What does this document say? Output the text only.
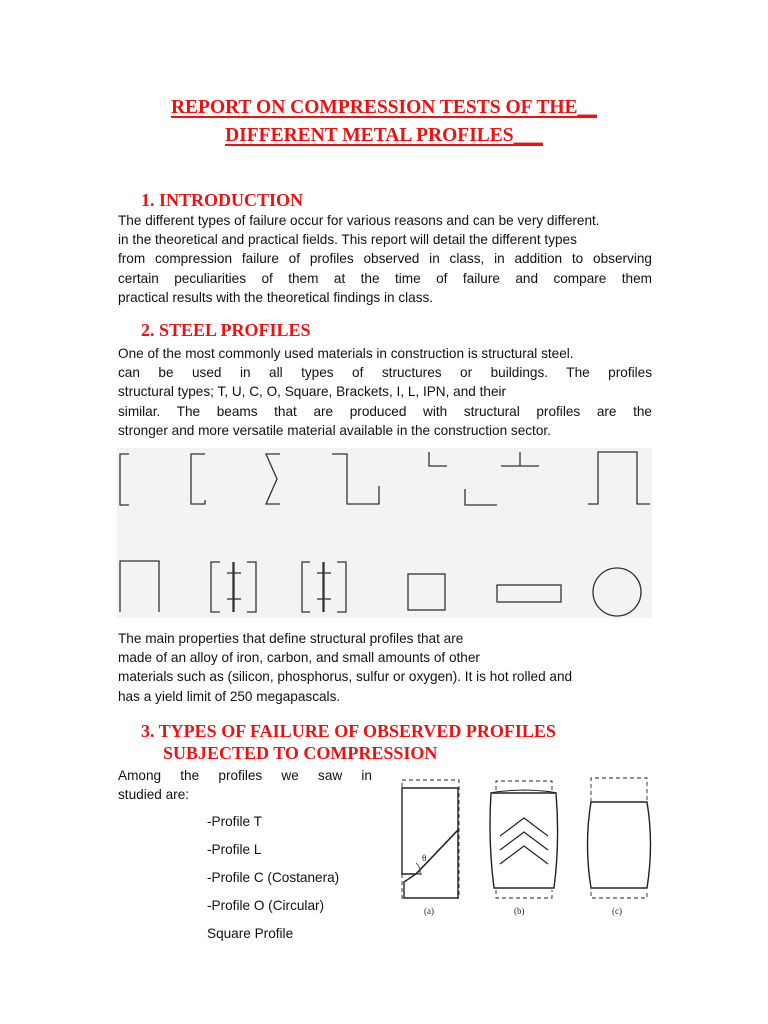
REPORT ON COMPRESSION TESTS OF THE__
DIFFERENT METAL PROFILES___
1. INTRODUCTION
The different types of failure occur for various reasons and can be very different.
in the theoretical and practical fields. This report will detail the different types
from compression failure of profiles observed in class, in addition to observing
certain peculiarities of them at the time of failure and compare them
practical results with the theoretical findings in class.
2. STEEL PROFILES
One of the most commonly used materials in construction is structural steel.
can be used in all types of structures or buildings. The profiles
structural types; T, U, C, O, Square, Brackets, I, L, IPN, and their
similar. The beams that are produced with structural profiles are the
stronger and more versatile material available in the construction sector.
The main properties that define structural profiles that are
made of an alloy of iron, carbon, and small amounts of other
materials such as (silicon, phosphorus, sulfur or oxygen). It is hot rolled and
has a yield limit of 250 megapascals.
3. TYPES OF FAILURE OF OBSERVED PROFILES
SUBJECTED TO COMPRESSION
Among the profiles we saw in
studied are:
-Profile T
-Profile L
-Profile C (Costanera)
-Profile O (Circular)
Square Profile
θ
(a)	(b)	(c)
